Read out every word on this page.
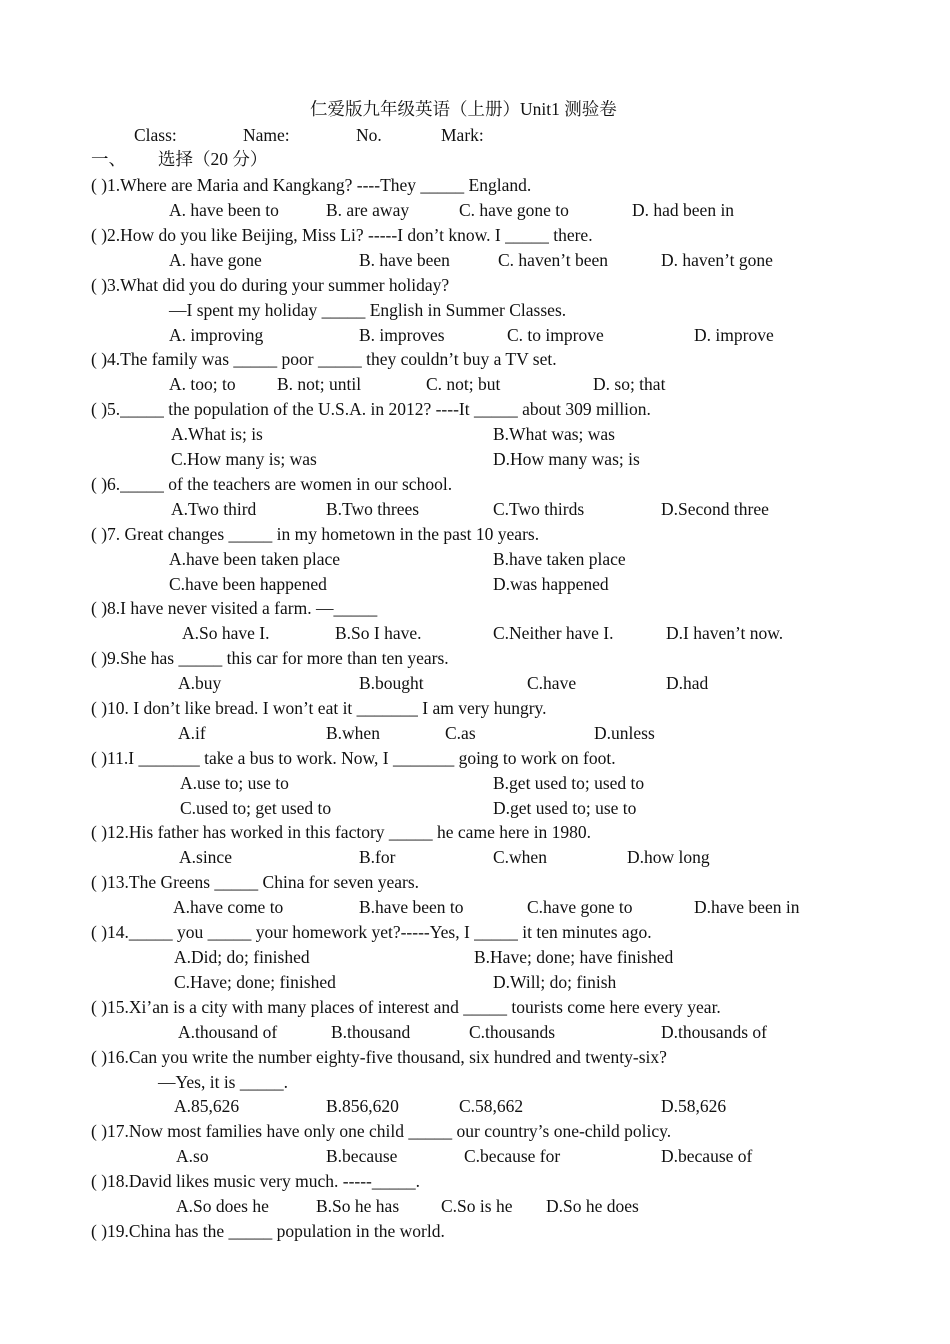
仁爱版九年级英语（上册）Unit1 测验卷
Class:	Name:	No.	Mark:
一、 选择（20 分）
( )1.Where are Maria and Kangkang? ----They _____ England.
A. have been to	B. are away	C. have gone to	D. had been in
( )2.How do you like Beijing, Miss Li? -----I don’t know. I _____ there.
A. have gone	B. have been	C. haven’t been	D. haven’t gone
( )3.What did you do during your summer holiday?
—I spent my holiday _____ English in Summer Classes.
A. improving	B. improves	C. to improve	D. improve
( )4.The family was _____ poor _____ they couldn’t buy a TV set.
A. too; to B. not; until	C. not; but	D. so; that
( )5._____ the population of the U.S.A. in 2012? ----It _____ about 309 million.
A.What is; is	B.What was; was
C.How many is; was	D.How many was; is
( )6._____ of the teachers are women in our school.
A.Two third	B.Two threes	C.Two thirds	D.Second three
( )7. Great changes _____ in my hometown in the past 10 years.
A.have been taken place	B.have taken place
C.have been happened	D.was happened
( )8.I have never visited a farm. —_____
A.So have I.	B.So I have.	C.Neither have I.	D.I haven’t now.
( )9.She has _____ this car for more than ten years.
A.buy	B.bought	C.have	D.had
( )10. I don’t like bread. I won’t eat it _______ I am very hungry.
A.if	B.when	C.as	D.unless
( )11.I _______ take a bus to work. Now, I _______ going to work on foot.
A.use to; use to	B.get used to; used to
C.used to; get used to	D.get used to; use to
( )12.His father has worked in this factory _____ he came here in 1980.
A.since	B.for	C.when	D.how long
( )13.The Greens _____ China for seven years.
A.have come to	B.have been to	C.have gone to	D.have been in
( )14._____ you _____ your homework yet?-----Yes, I _____ it ten minutes ago.
A.Did; do; finished	B.Have; done; have finished
C.Have; done; finished	D.Will; do; finish
( )15.Xi’an is a city with many places of interest and _____ tourists come here every year.
A.thousand of	B.thousand	C.thousands	D.thousands of
( )16.Can you write the number eighty-five thousand, six hundred and twenty-six?
—Yes, it is _____.
A.85,626	B.856,620	C.58,662	D.58,626
( )17.Now most families have only one child _____ our country’s one-child policy.
A.so	B.because	C.because for	D.because of
( )18.David likes music very much. -----_____.
A.So does he	B.So he has C.So is he D.So he does
( )19.China has the _____ population in the world.
